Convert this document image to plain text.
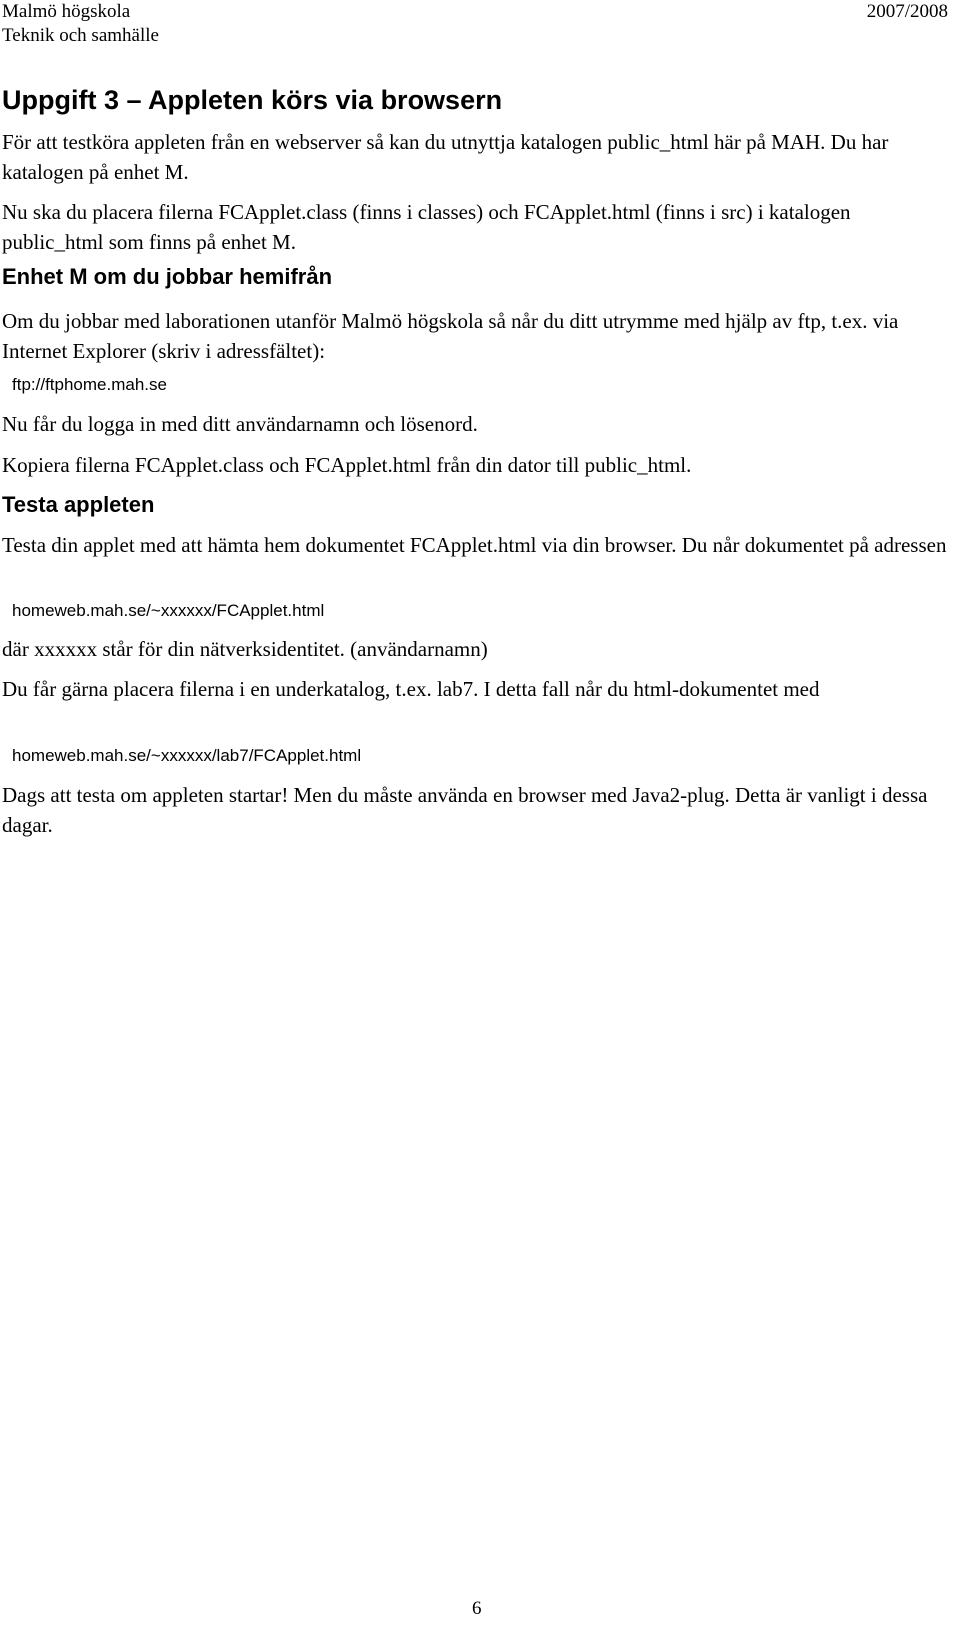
Malmö högskola
Teknik och samhälle
2007/2008
Uppgift 3 – Appleten körs via browsern
För att testköra appleten från en webserver så kan du utnyttja katalogen public_html här på MAH. Du har katalogen på enhet M.
Nu ska du placera filerna FCApplet.class (finns i classes) och FCApplet.html (finns i src) i katalogen public_html som finns på enhet M.
Enhet M om du jobbar hemifrån
Om du jobbar med laborationen utanför Malmö högskola så når du ditt utrymme med hjälp av ftp, t.ex. via Internet Explorer (skriv i adressfältet):
ftp://ftphome.mah.se
Nu får du logga in med ditt användarnamn och lösenord.
Kopiera filerna FCApplet.class och FCApplet.html från din dator till public_html.
Testa appleten
Testa din applet med att hämta hem dokumentet FCApplet.html via din browser. Du når dokumentet på adressen
homeweb.mah.se/~xxxxxx/FCApplet.html
där xxxxxx står för din nätverksidentitet. (användarnamn)
Du får gärna placera filerna i en underkatalog, t.ex. lab7. I detta fall når du html-dokumentet med
homeweb.mah.se/~xxxxxx/lab7/FCApplet.html
Dags att testa om appleten startar! Men du måste använda en browser med Java2-plug. Detta är vanligt i dessa dagar.
6
